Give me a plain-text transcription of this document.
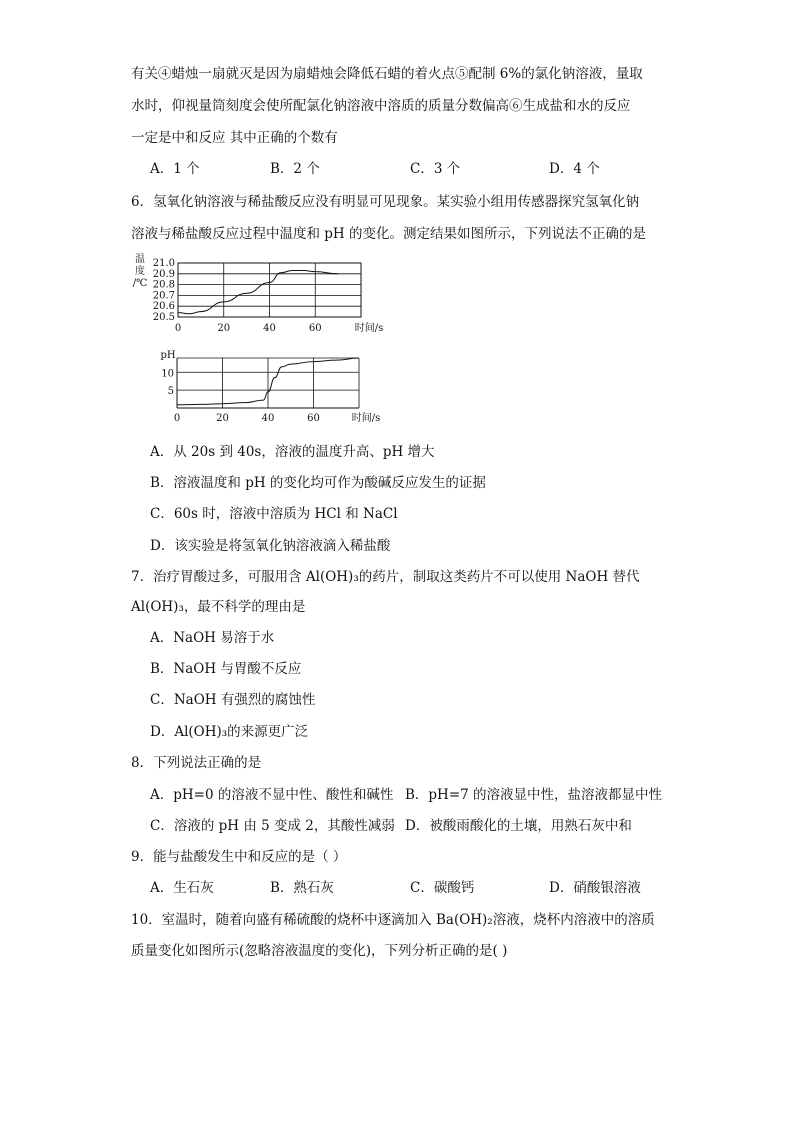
有关④蜡烛一扇就灭是因为扇蜡烛会降低石蜡的着火点⑤配制 6%的氯化钠溶液，量取
水时，仰视量筒刻度会使所配氯化钠溶液中溶质的质量分数偏高⑥生成盐和水的反应
一定是中和反应 其中正确的个数有
A．1 个	B．2 个	C．3 个	D．4 个
6．氢氧化钠溶液与稀盐酸反应没有明显可见现象。某实验小组用传感器探究氢氧化钠
溶液与稀盐酸反应过程中温度和 pH 的变化。测定结果如图所示，下列说法不正确的是
20.5
20.6
20.7
20.8
20.9
21.0
0	20	40	60	时间/s
温
度
/℃
5
10
0	20	40	60	时间/s
pH
A．从 20s 到 40s，溶液的温度升高、pH 增大
B．溶液温度和 pH 的变化均可作为酸碱反应发生的证据
C．60s 时，溶液中溶质为 HCl 和 NaCl
D．该实验是将氢氧化钠溶液滴入稀盐酸
7．治疗胃酸过多，可服用含 Al(OH)₃的药片，制取这类药片不可以使用 NaOH 替代
Al(OH)₃，最不科学的理由是
A．NaOH 易溶于水
B．NaOH 与胃酸不反应
C．NaOH 有强烈的腐蚀性
D．Al(OH)₃的来源更广泛
8．下列说法正确的是
A．pH=0 的溶液不显中性、酸性和碱性 B．pH=7 的溶液显中性，盐溶液都显中性
C．溶液的 pH 由 5 变成 2，其酸性减弱 D．被酸雨酸化的土壤，用熟石灰中和
9．能与盐酸发生中和反应的是（ ）
A．生石灰	B．熟石灰	C．碳酸钙	D．硝酸银溶液
10．室温时，随着向盛有稀硫酸的烧杯中逐滴加入 Ba(OH)₂溶液，烧杯内溶液中的溶质
质量变化如图所示(忽略溶液温度的变化)，下列分析正确的是( )
